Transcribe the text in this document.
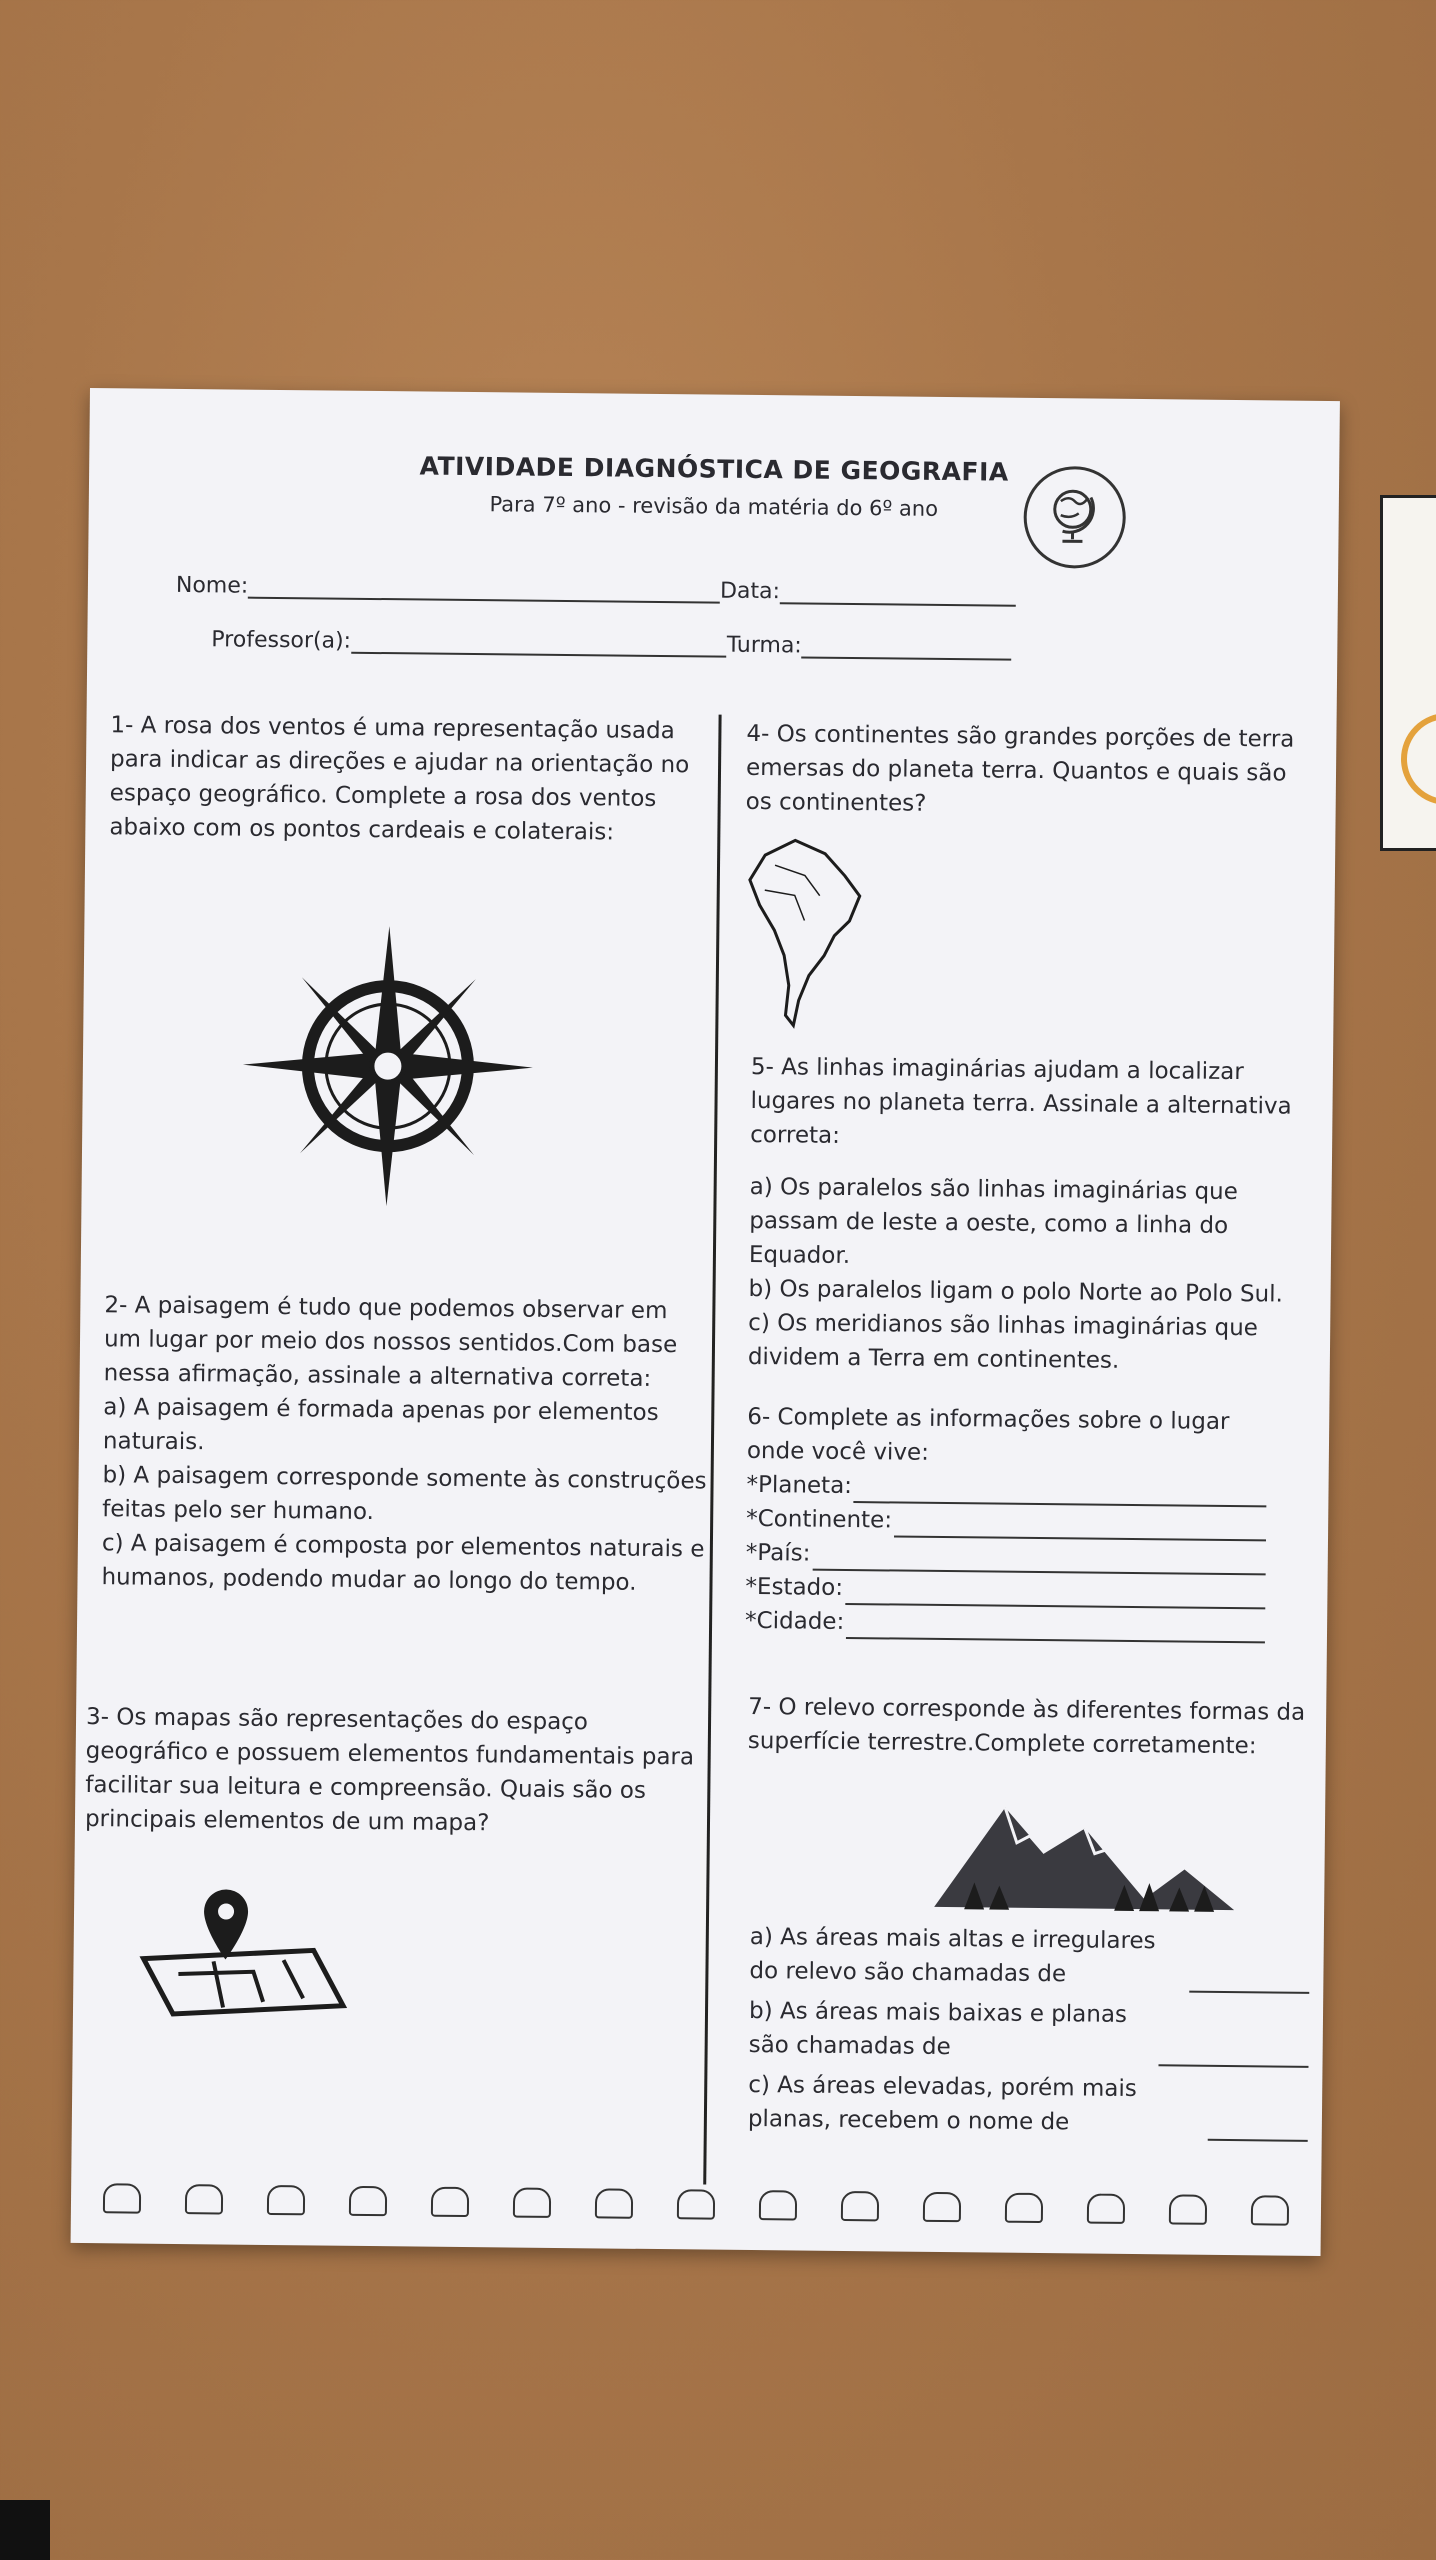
ATIVIDADE DIAGNÓSTICA DE GEOGRAFIA
Para 7º ano - revisão da matéria do 6º ano
Nome:	Data:
Professor(a):	Turma:

1- A rosa dos ventos é uma representação usada para indicar as direções e ajudar na orientação no espaço geográfico. Complete a rosa dos ventos abaixo com os pontos cardeais e colaterais:

2- A paisagem é tudo que podemos observar em um lugar por meio dos nossos sentidos.Com base nessa afirmação, assinale a alternativa correta:

a) A paisagem é formada apenas por elementos naturais.

b) A paisagem corresponde somente às construções feitas pelo ser humano.

c) A paisagem é composta por elementos naturais e humanos, podendo mudar ao longo do tempo.

3- Os mapas são representações do espaço geográfico e possuem elementos fundamentais para facilitar sua leitura e compreensão. Quais são os principais elementos de um mapa?

4- Os continentes são grandes porções de terra emersas do planeta terra. Quantos e quais são os continentes?

5- As linhas imaginárias ajudam a localizar lugares no planeta terra. Assinale a alternativa correta:

a) Os paralelos são linhas imaginárias que passam de leste a oeste, como a linha do Equador.

b) Os paralelos ligam o polo Norte ao Polo Sul.

c) Os meridianos são linhas imaginárias que dividem a Terra em continentes.

6- Complete as informações sobre o lugar onde você vive:

*Planeta:
*Continente:
*País:
*Estado:
*Cidade:

7- O relevo corresponde às diferentes formas da superfície terrestre.Complete corretamente:

a) As áreas mais altas e irregulares do relevo são chamadas de
b) As áreas mais baixas e planas são chamadas de
c) As áreas elevadas, porém mais planas, recebem o nome de
